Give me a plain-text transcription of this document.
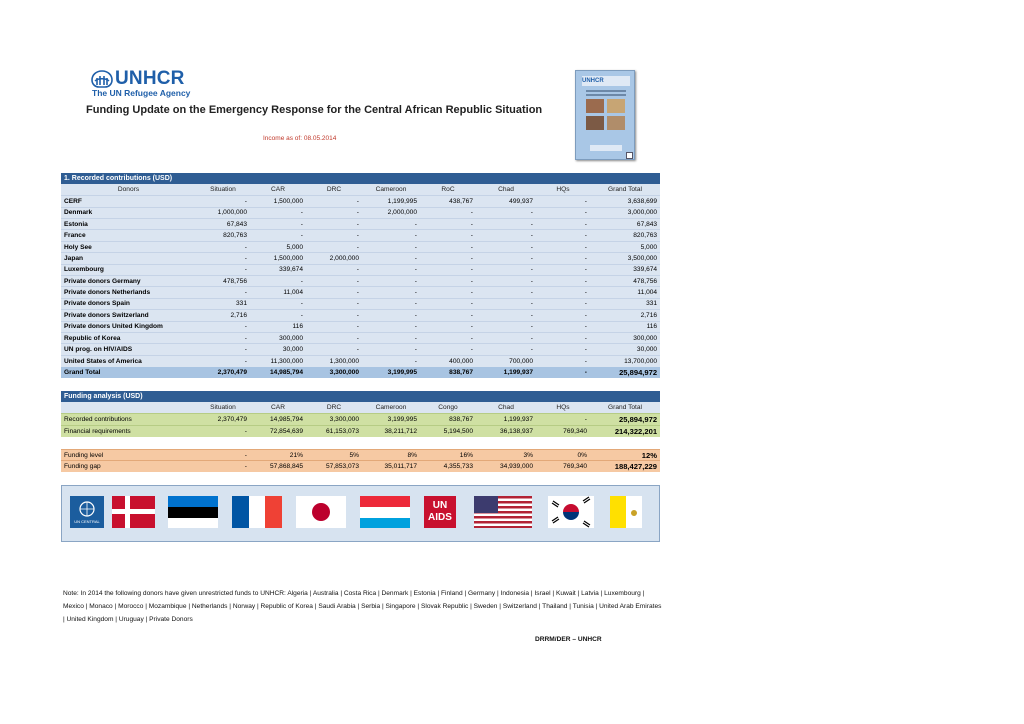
UNHCR
The UN Refugee Agency
Funding Update on the Emergency Response for the Central African Republic Situation
Income as of: 08.05.2014
UNHCR
1. Recorded contributions (USD)								
Donors	Situation	CAR	DRC	Cameroon	RoC	Chad	HQs	Grand Total
CERF	-	1,500,000	-	1,199,995	438,767	499,937	-	3,638,699
Denmark	1,000,000	-	-	2,000,000	-	-	-	3,000,000
Estonia	67,843	-	-	-	-	-	-	67,843
France	820,763	-	-	-	-	-	-	820,763
Holy See	-	5,000	-	-	-	-	-	5,000
Japan	-	1,500,000	2,000,000	-	-	-	-	3,500,000
Luxembourg	-	339,674	-	-	-	-	-	339,674
Private donors Germany	478,756	-	-	-	-	-	-	478,756
Private donors Netherlands	-	11,004	-	-	-	-	-	11,004
Private donors Spain	331	-	-	-	-	-	-	331
Private donors Switzerland	2,716	-	-	-	-	-	-	2,716
Private donors United Kingdom	-	116	-	-	-	-	-	116
Republic of Korea	-	300,000	-	-	-	-	-	300,000
UN prog. on HIV/AIDS	-	30,000	-	-	-	-	-	30,000
United States of America	-	11,300,000	1,300,000	-	400,000	700,000	-	13,700,000
Grand Total	2,370,479	14,985,794	3,300,000	3,199,995	838,767	1,199,937	-	25,894,972
Funding analysis (USD)								
	Situation	CAR	DRC	Cameroon	Congo	Chad	HQs	Grand Total
Recorded contributions	2,370,479	14,985,794	3,300,000	3,199,995	838,767	1,199,937	-	25,894,972
Financial requirements	-	72,854,639	61,153,073	38,211,712	5,194,500	36,138,937	769,340	214,322,201
Funding level	-	21%	5%	8%	16%	3%	0%	12%
Funding gap	-	57,868,845	57,853,073	35,011,717	4,355,733	34,939,000	769,340	188,427,229
UN CENTRAL
UN
AIDS
Note: In 2014 the following donors have given unrestricted funds to UNHCR: Algeria | Australia | Costa Rica | Denmark | Estonia | Finland | Germany | Indonesia | Israel | Kuwait | Latvia | Luxembourg | Mexico | Monaco | Morocco | Mozambique | Netherlands | Norway | Republic of Korea | Saudi Arabia | Serbia | Singapore | Slovak Republic | Sweden | Switzerland | Thailand | Tunisia | United Arab Emirates | United Kingdom | Uruguay | Private Donors
DRRM/DER – UNHCR
